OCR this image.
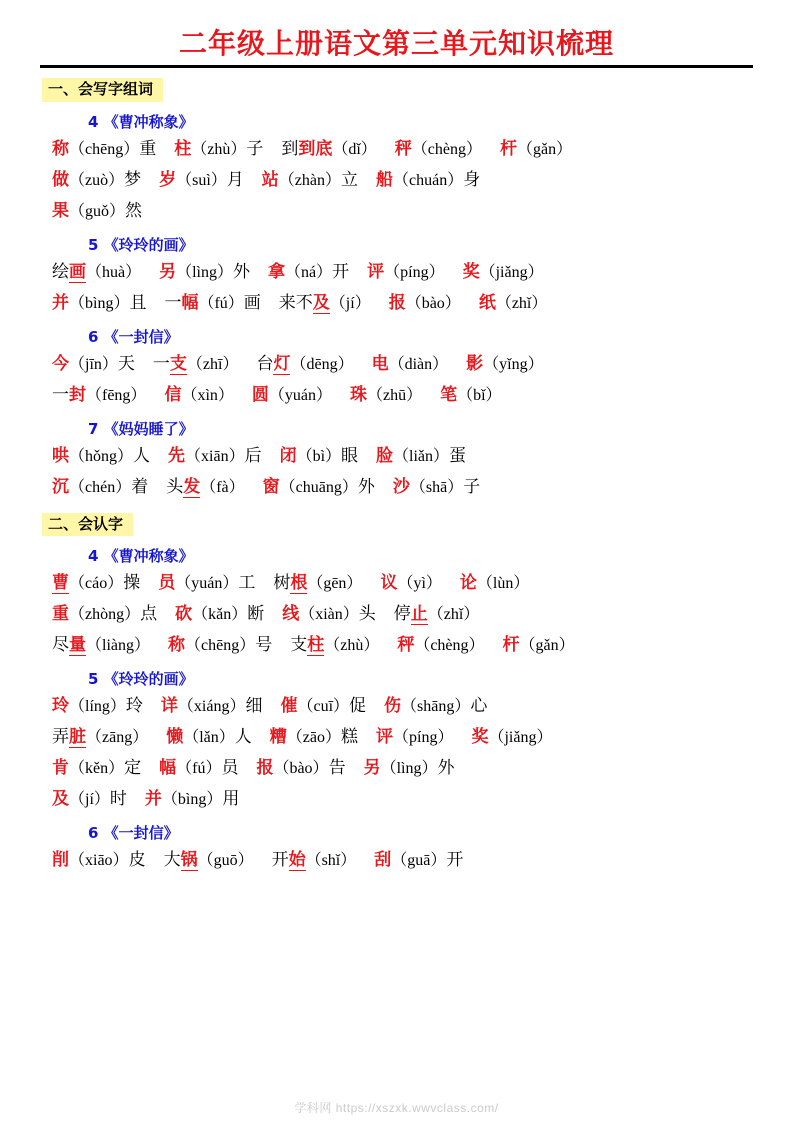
二年级上册语文第三单元知识梳理
一、会写字组词
4 《曹冲称象》
称（chēng）重 柱（zhù）子 到到底（dǐ） 秤（chèng） 杆（gǎn）
做（zuò）梦 岁（suì）月 站（zhàn）立 船（chuán）身
果（guǒ）然
5 《玲玲的画》
绘画（huà） 另（lìng）外 拿（ná）开 评（píng） 奖（jiǎng）
并（bìng）且 一幅（fú）画 来不及（jí） 报（bào） 纸（zhǐ）
6 《一封信》
今（jīn）天 一支（zhī） 台灯（dēng） 电（diàn） 影（yǐng）
一封（fēng） 信（xìn） 圆（yuán） 珠（zhū） 笔（bǐ）
7 《妈妈睡了》
哄（hǒng）人 先（xiān）后 闭（bì）眼 脸（liǎn）蛋
沉（chén）着 头发（fà） 窗（chuāng）外 沙（shā）子
二、会认字
4 《曹冲称象》
曹（cáo）操 员（yuán）工 树根（gēn） 议（yì） 论（lùn）
重（zhòng）点 砍（kǎn）断 线（xiàn）头 停止（zhǐ）
尽量（liàng） 称（chēng）号 支柱（zhù） 秤（chèng） 杆（gǎn）
5 《玲玲的画》
玲（líng）玲 详（xiáng）细 催（cuī）促 伤（shāng）心
弄脏（zāng） 懒（lǎn）人 糟（zāo）糕 评（píng） 奖（jiǎng）
肯（kěn）定 幅（fú）员 报（bào）告 另（lìng）外
及（jí）时 并（bìng）用
6 《一封信》
削（xiāo）皮 大锅（guō） 开始（shǐ） 刮（guā）开
学科网 https://xszxk.wwvclass.com/
